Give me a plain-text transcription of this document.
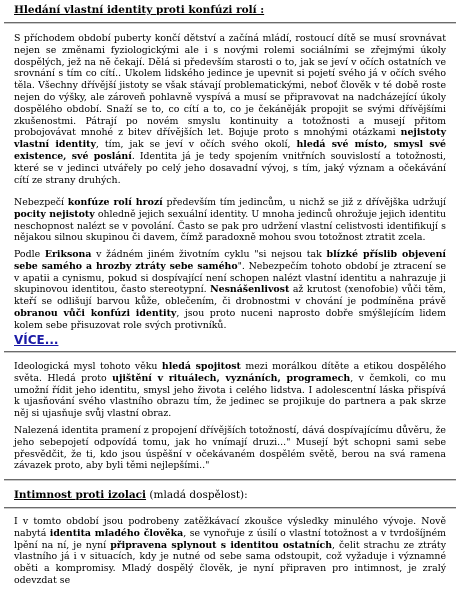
Hledání vlastní identity proti konfúzi rolí :

S příchodem období puberty končí dětství a začíná mládí, rostoucí dítě se musí srovnávat nejen se změnami fyziologickými ale i s novými rolemi sociálními se zřejmými úkoly dospělých, jež na ně čekají. Dělá si především starosti o to, jak se jeví v očích ostatních ve srovnání s tím co cítí.. Ukolem lidského jedince je upevnit si pojetí svého já v očích svého těla. Všechny dřívější jistoty se však stávají problematickými, neboť člověk v té době roste nejen do výšky, ale zároveň pohlavně vyspívá a musí se připravovat na nadcházející úkoly dospělého období. Snaží se to, co cítí a to, co je čekáněják propojit se svými dřívějšími zkušenostmi. Pátrají po novém smyslu kontinuity a totožnosti a musejí přitom probojovávat mnohé z bitev dřívějších let. Bojuje proto s mnohými otázkami nejistoty vlastní identity, tím, jak se jeví v očích svého okolí, hledá své místo, smysl své existence, své poslání. Identita já je tedy spojením vnitřních souvislostí a totožnosti, které se v jedinci utvářely po celý jeho dosavadní vývoj, s tím, jaký význam a očekávání cítí ze strany druhých.

Nebezpečí konfúze rolí hrozí především tím jedincům, u nichž se již z dřívějška udržují pocity nejistoty ohledně jejich sexuální identity. U mnoha jedinců ohrožuje jejich identitu neschopnost nalézt se v povolání. Často se pak pro udržení vlastní celistvosti identifikují s nějakou silnou skupinou či davem, čímž paradoxně mohou svou totožnost ztratit zcela.

Podle Eriksona v žádném jiném životním cyklu "si nejsou tak blízké příslib objevení sebe samého a hrozby ztráty sebe samého". Nebezpečím tohoto období je ztracení se v apatii a cynismu, pokud si dospívající není schopen nalézt vlastní identitu a nahrazuje ji skupinovou identitou, často stereotypní. Nesnášenlivost až krutost (xenofobie) vůči těm, kteří se odlišují barvou kůže, oblečením, či drobnostmi v chování je podmíněna právě obranou vůči konfúzi identity, jsou proto nuceni naprosto dobře smýšlejícím lidem kolem sebe přisuzovat role svých protivníků.

VÍCE...

Ideologická mysl tohoto věku hledá spojitost mezi morálkou dítěte a etikou dospělého světa. Hledá proto ujištění v rituálech, vyznáních, programech, v čemkoli, co mu umožní řídit jeho identitu, smysl jeho života i celého lidstva. I adolescentní láska přispívá k ujasňování svého vlastního obrazu tím, že jedinec se projikuje do partnera a pak skrze něj si ujasňuje svůj vlastní obraz.

Nalezená identita pramení z propojení dřívějších totožností, dává dospívajícímu důvěru, že jeho sebepojetí odpovídá tomu, jak ho vnímají druzi..." Musejí být schopni sami sebe přesvědčit, že ti, kdo jsou úspěšní v očekávaném dospělém světě, berou na svá ramena závazek proto, aby byli těmi nejlepšími.."

Intimnost proti izolaci (mladá dospělost):

I v tomto období jsou podrobeny zatěžkávací zkoušce výsledky minulého vývoje. Nově nabytá identita mladého člověka, se vynořuje z úsilí o vlastní totožnost a v tvrdošíjném lpění na ní, je nyní připravena splynout s identitou ostatních, čelit strachu ze ztráty vlastního já i v situacích, kdy je nutné od sebe sama odstoupit, což vyžaduje i významné oběti a kompromisy. Mladý dospělý člověk, je nyní připraven pro intimnost, je zralý odevzdat se
